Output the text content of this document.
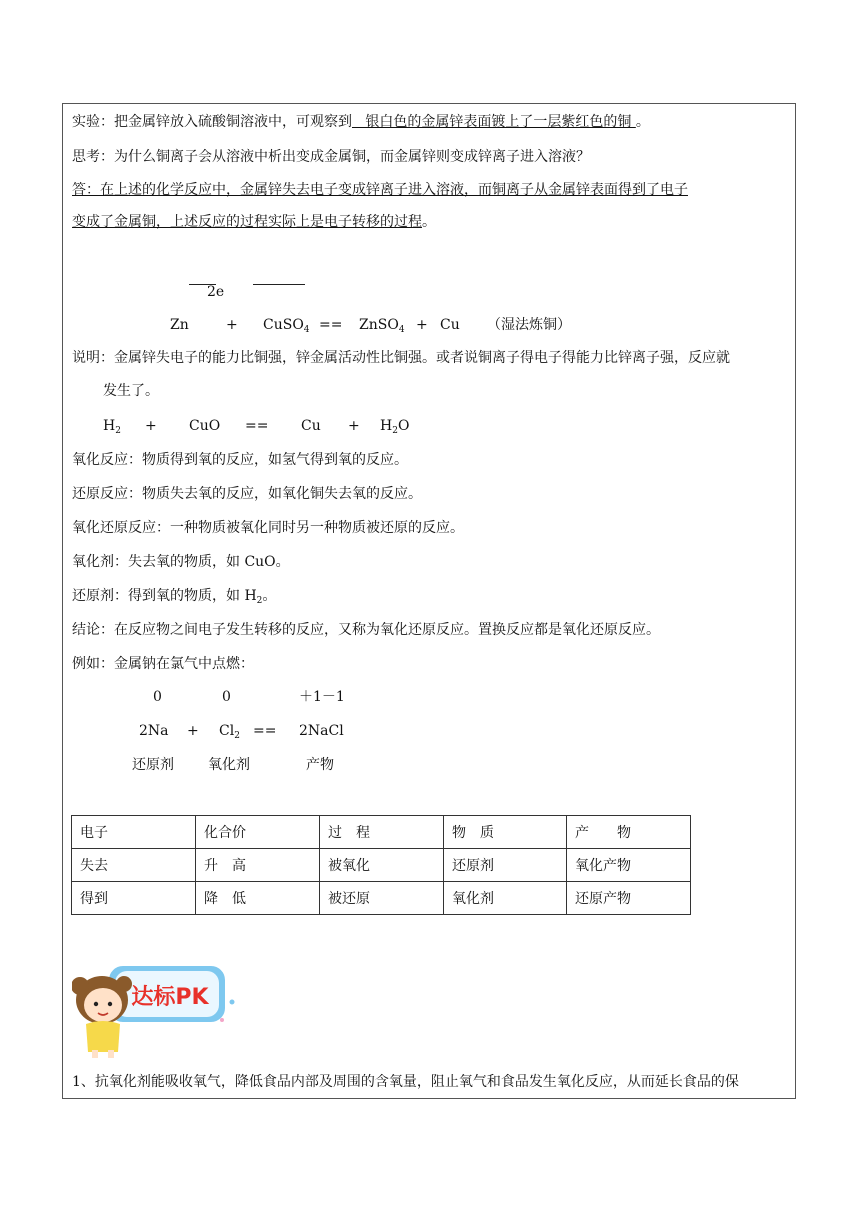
实验：把金属锌放入硫酸铜溶液中，可观察到   银白色的金属锌表面镀上了一层紫红色的铜 。
思考：为什么铜离子会从溶液中析出变成金属铜，而金属锌则变成锌离子进入溶液？
答：在上述的化学反应中，金属锌失去电子变成锌离子进入溶液，而铜离子从金属锌表面得到了电子
变成了金属铜，上述反应的过程实际上是电子转移的过程。
2e
Zn	+ CuSO$_4$ == ZnSO$_4$ + Cu （湿法炼铜）
说明：金属锌失电子的能力比铜强，锌金属活动性比铜强。或者说铜离子得电子得能力比锌离子强，反应就
发生了。
$H_2$ + CuO == $Cu + H_2O$
氧化反应：物质得到氧的反应，如氢气得到氧的反应。
还原反应：物质失去氧的反应，如氧化铜失去氧的反应。
氧化还原反应：一种物质被氧化同时另一种物质被还原的反应。
氧化剂：失去氧的物质，如 CuO。
还原剂：得到氧的物质，如 $H_2$。
结论：在反应物之间电子发生转移的反应，又称为氧化还原反应。置换反应都是氧化还原反应。
例如：金属钠在氯气中点燃：
0	0	＋1－1
$2Na + Cl_2$ == 2NaCl
还原剂 氧化剂	产物
电子	化合价	过　程	物　质	产　　物
失去	升　高	被氧化	还原剂	氧化产物
得到	降　低	被还原	氧化剂	还原产物
达标PK
1、抗氧化剂能吸收氧气，降低食品内部及周围的含氧量，阻止氧气和食品发生氧化反应，从而延长食品的保
